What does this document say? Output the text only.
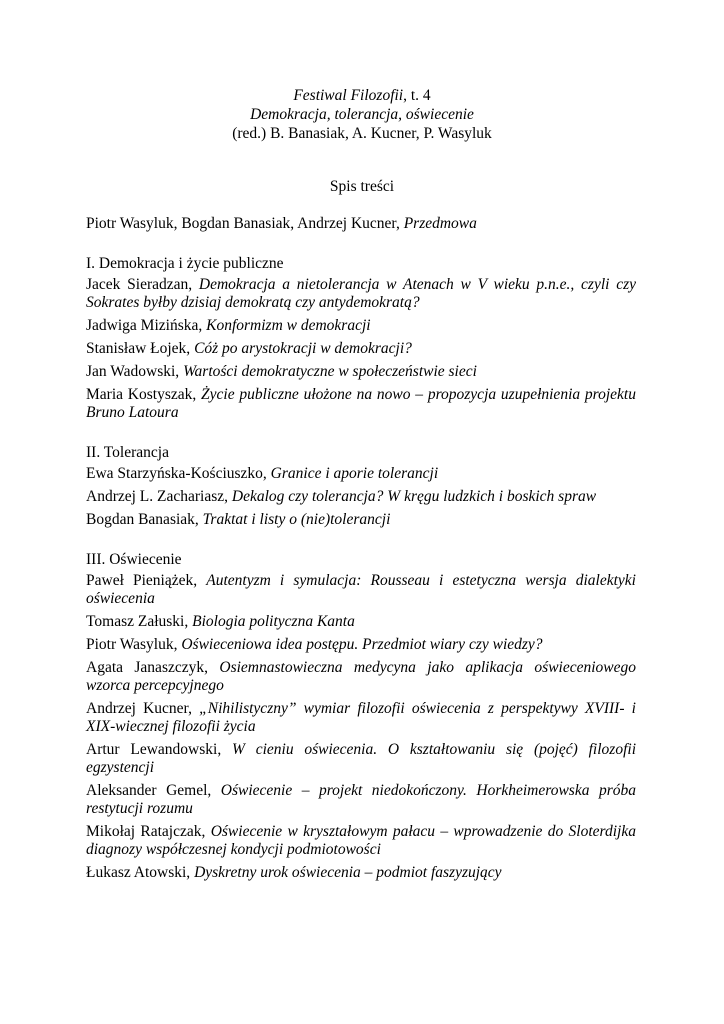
Festiwal Filozofii, t. 4
Demokracja, tolerancja, oświecenie
(red.) B. Banasiak, A. Kucner, P. Wasyluk
Spis treści
Piotr Wasyluk, Bogdan Banasiak, Andrzej Kucner, Przedmowa
I. Demokracja i życie publiczne
Jacek Sieradzan, Demokracja a nietolerancja w Atenach w V wieku p.n.e., czyli czy Sokrates byłby dzisiaj demokratą czy antydemokratą?
Jadwiga Mizińska, Konformizm w demokracji
Stanisław Łojek, Cóż po arystokracji w demokracji?
Jan Wadowski, Wartości demokratyczne w społeczeństwie sieci
Maria Kostyszak, Życie publiczne ułożone na nowo – propozycja uzupełnienia projektu Bruno Latoura
II. Tolerancja
Ewa Starzyńska-Kościuszko, Granice i aporie tolerancji
Andrzej L. Zachariasz, Dekalog czy tolerancja? W kręgu ludzkich i boskich spraw
Bogdan Banasiak, Traktat i listy o (nie)tolerancji
III. Oświecenie
Paweł Pieniążek, Autentyzm i symulacja: Rousseau i estetyczna wersja dialektyki oświecenia
Tomasz Załuski, Biologia polityczna Kanta
Piotr Wasyluk, Oświeceniowa idea postępu. Przedmiot wiary czy wiedzy?
Agata Janaszczyk, Osiemnastowieczna medycyna jako aplikacja oświeceniowego wzorca percepcyjnego
Andrzej Kucner, „Nihilistyczny” wymiar filozofii oświecenia z perspektywy XVIII- i XIX-wiecznej filozofii życia
Artur Lewandowski, W cieniu oświecenia. O kształtowaniu się (pojęć) filozofii egzystencji
Aleksander Gemel, Oświecenie – projekt niedokończony. Horkheimerowska próba restytucji rozumu
Mikołaj Ratajczak, Oświecenie w kryształowym pałacu – wprowadzenie do Sloterdijka diagnozy współczesnej kondycji podmiotowości
Łukasz Atowski, Dyskretny urok oświecenia – podmiot faszyzujący
